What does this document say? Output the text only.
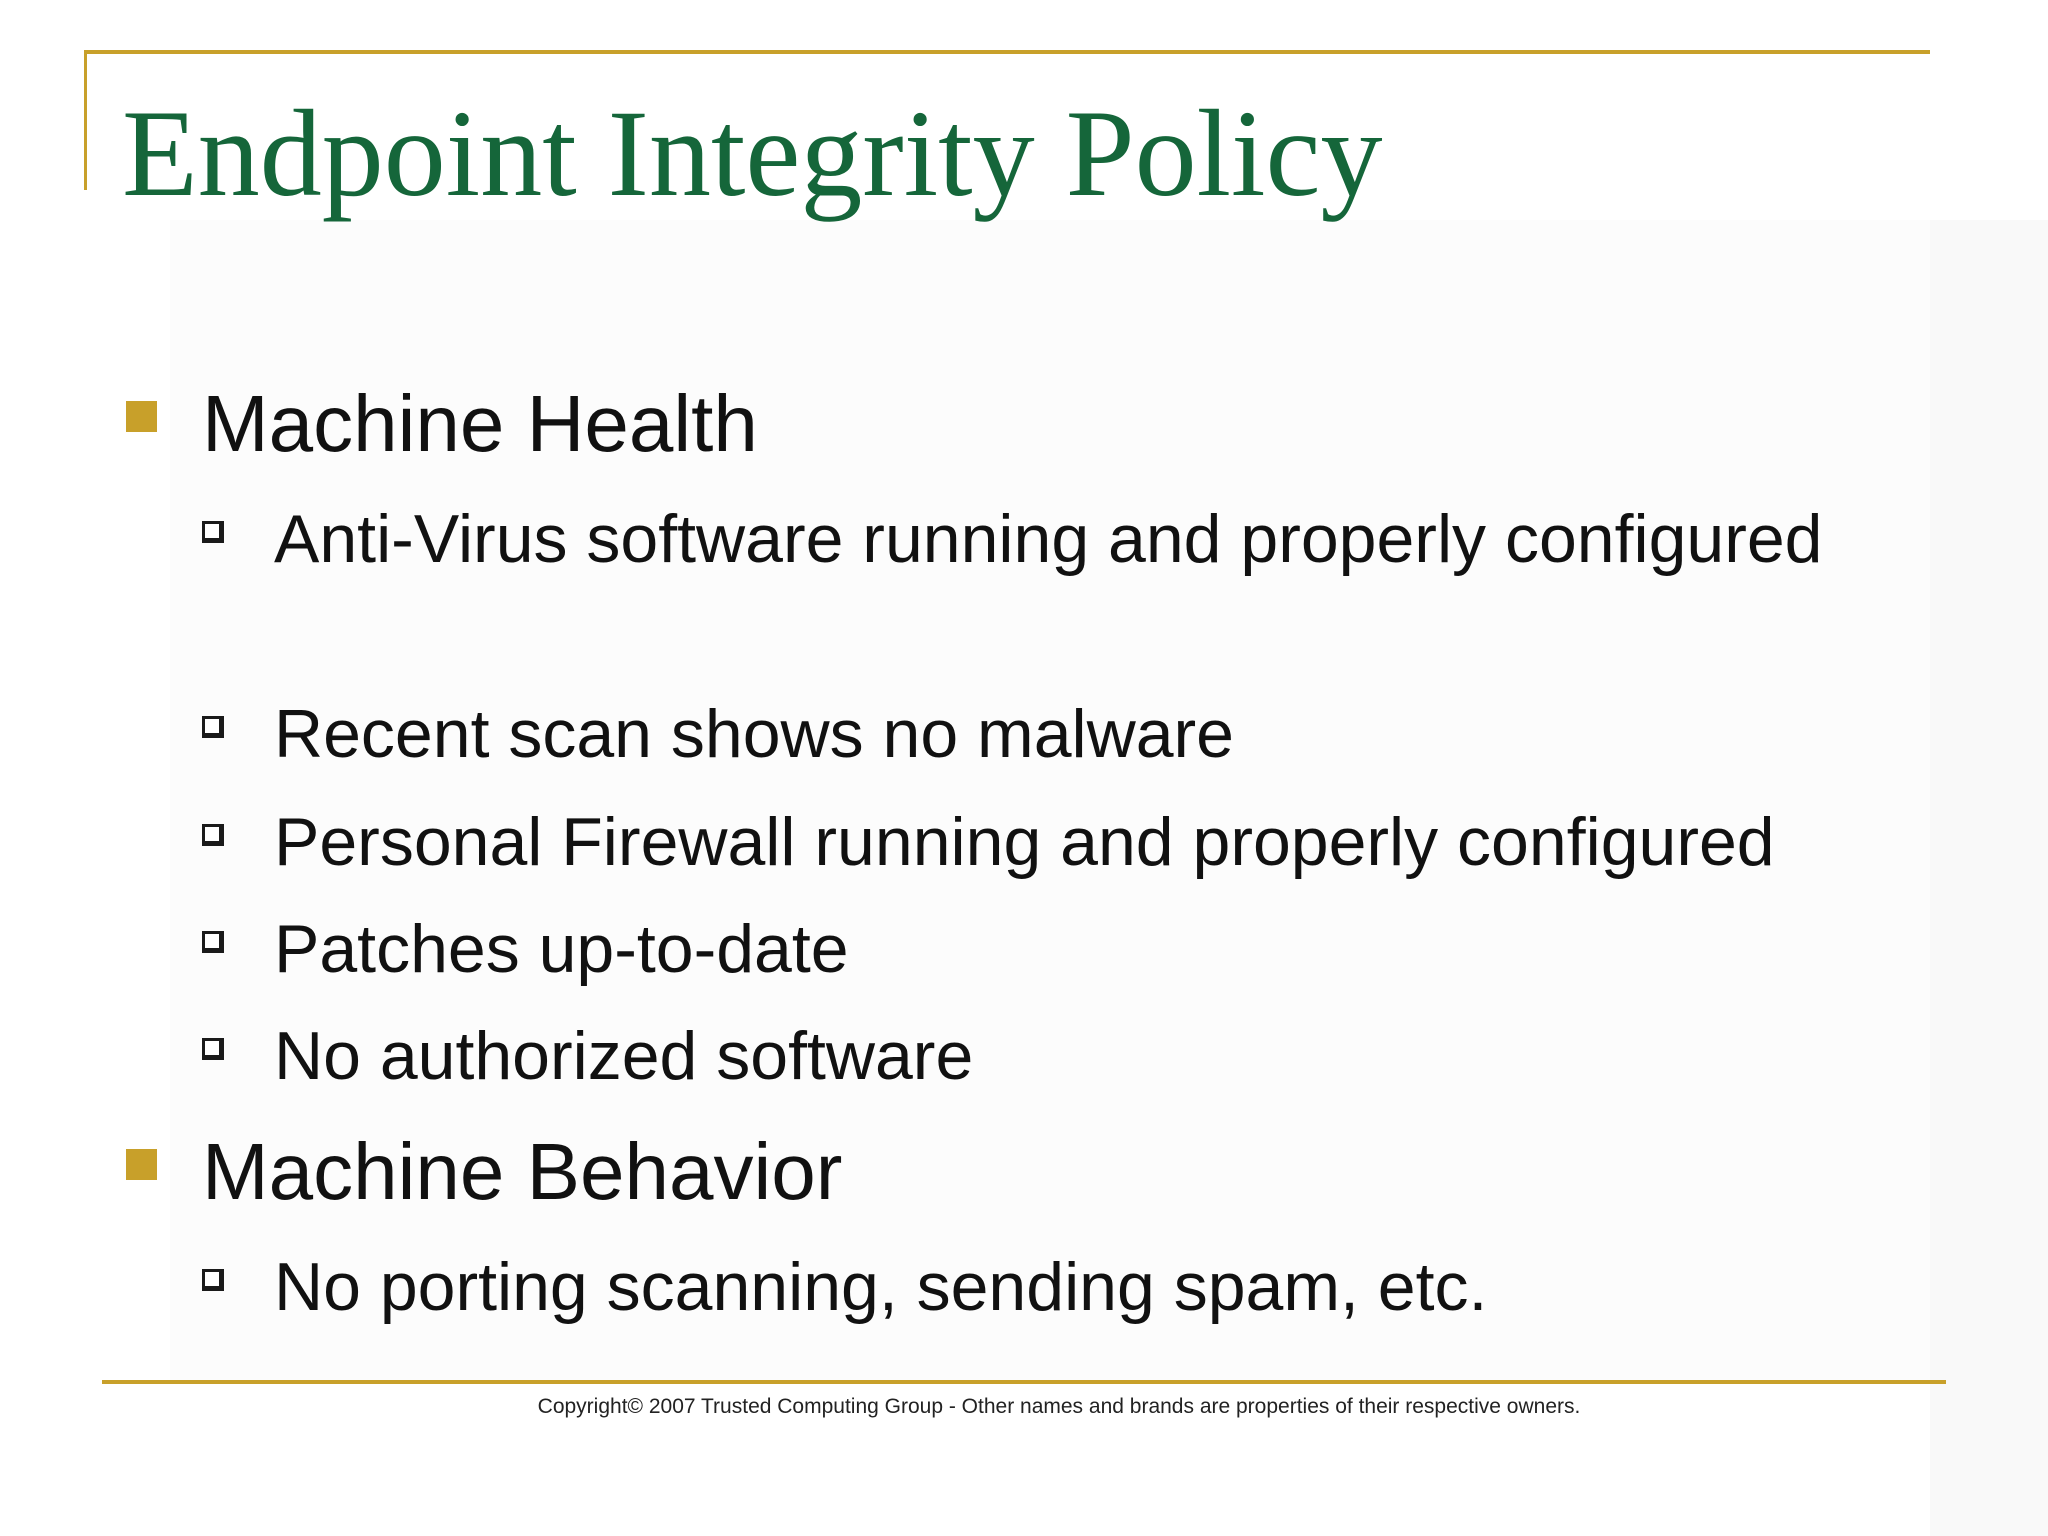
Endpoint Integrity Policy
Machine Health
Anti-Virus software running and properly configured
Recent scan shows no malware
Personal Firewall running and properly configured
Patches up-to-date
No authorized software
Machine Behavior
No porting scanning, sending spam, etc.
Copyright© 2007 Trusted Computing Group - Other names and brands are properties of their respective owners.
